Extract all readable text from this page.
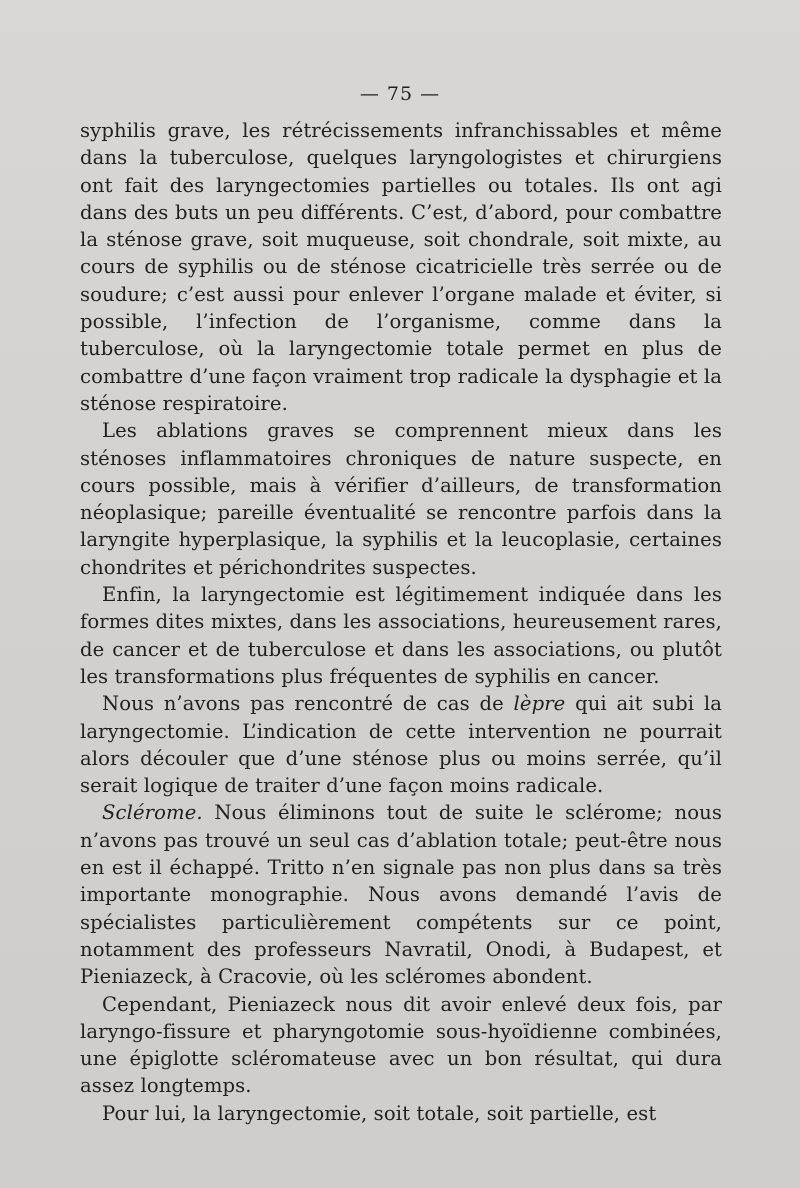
— 75 —

syphilis grave, les rétrécissements infranchissables et même dans la tuberculose, quelques laryngologistes et chirurgiens ont fait des laryngectomies partielles ou totales. Ils ont agi dans des buts un peu différents. C’est, d’abord, pour combattre la sténose grave, soit muqueuse, soit chondrale, soit mixte, au cours de syphilis ou de sténose cicatricielle très serrée ou de soudure; c’est aussi pour enlever l’organe malade et éviter, si possible, l’infection de l’organisme, comme dans la tuberculose, où la laryngectomie totale permet en plus de combattre d’une façon vraiment trop radicale la dysphagie et la sténose respiratoire.

Les ablations graves se comprennent mieux dans les sténoses inflammatoires chroniques de nature suspecte, en cours possible, mais à vérifier d’ailleurs, de transformation néoplasique; pareille éventualité se rencontre parfois dans la laryngite hyperplasique, la syphilis et la leucoplasie, certaines chondrites et périchondrites suspectes.

Enfin, la laryngectomie est légitimement indiquée dans les formes dites mixtes, dans les associations, heureusement rares, de cancer et de tuberculose et dans les associations, ou plutôt les transformations plus fréquentes de syphilis en cancer.

Nous n’avons pas rencontré de cas de lèpre qui ait subi la laryngectomie. L’indication de cette intervention ne pourrait alors découler que d’une sténose plus ou moins serrée, qu’il serait logique de traiter d’une façon moins radicale.

Sclérome. Nous éliminons tout de suite le sclérome; nous n’avons pas trouvé un seul cas d’ablation totale; peut-être nous en est il échappé. Tritto n’en signale pas non plus dans sa très importante monographie. Nous avons demandé l’avis de spécialistes particulièrement compétents sur ce point, notamment des professeurs Navratil, Onodi, à Budapest, et Pieniazeck, à Cracovie, où les scléromes abondent.

Cependant, Pieniazeck nous dit avoir enlevé deux fois, par laryngo-fissure et pharyngotomie sous-hyoïdienne combinées, une épiglotte scléromateuse avec un bon résultat, qui dura assez longtemps.

Pour lui, la laryngectomie, soit totale, soit partielle, est
